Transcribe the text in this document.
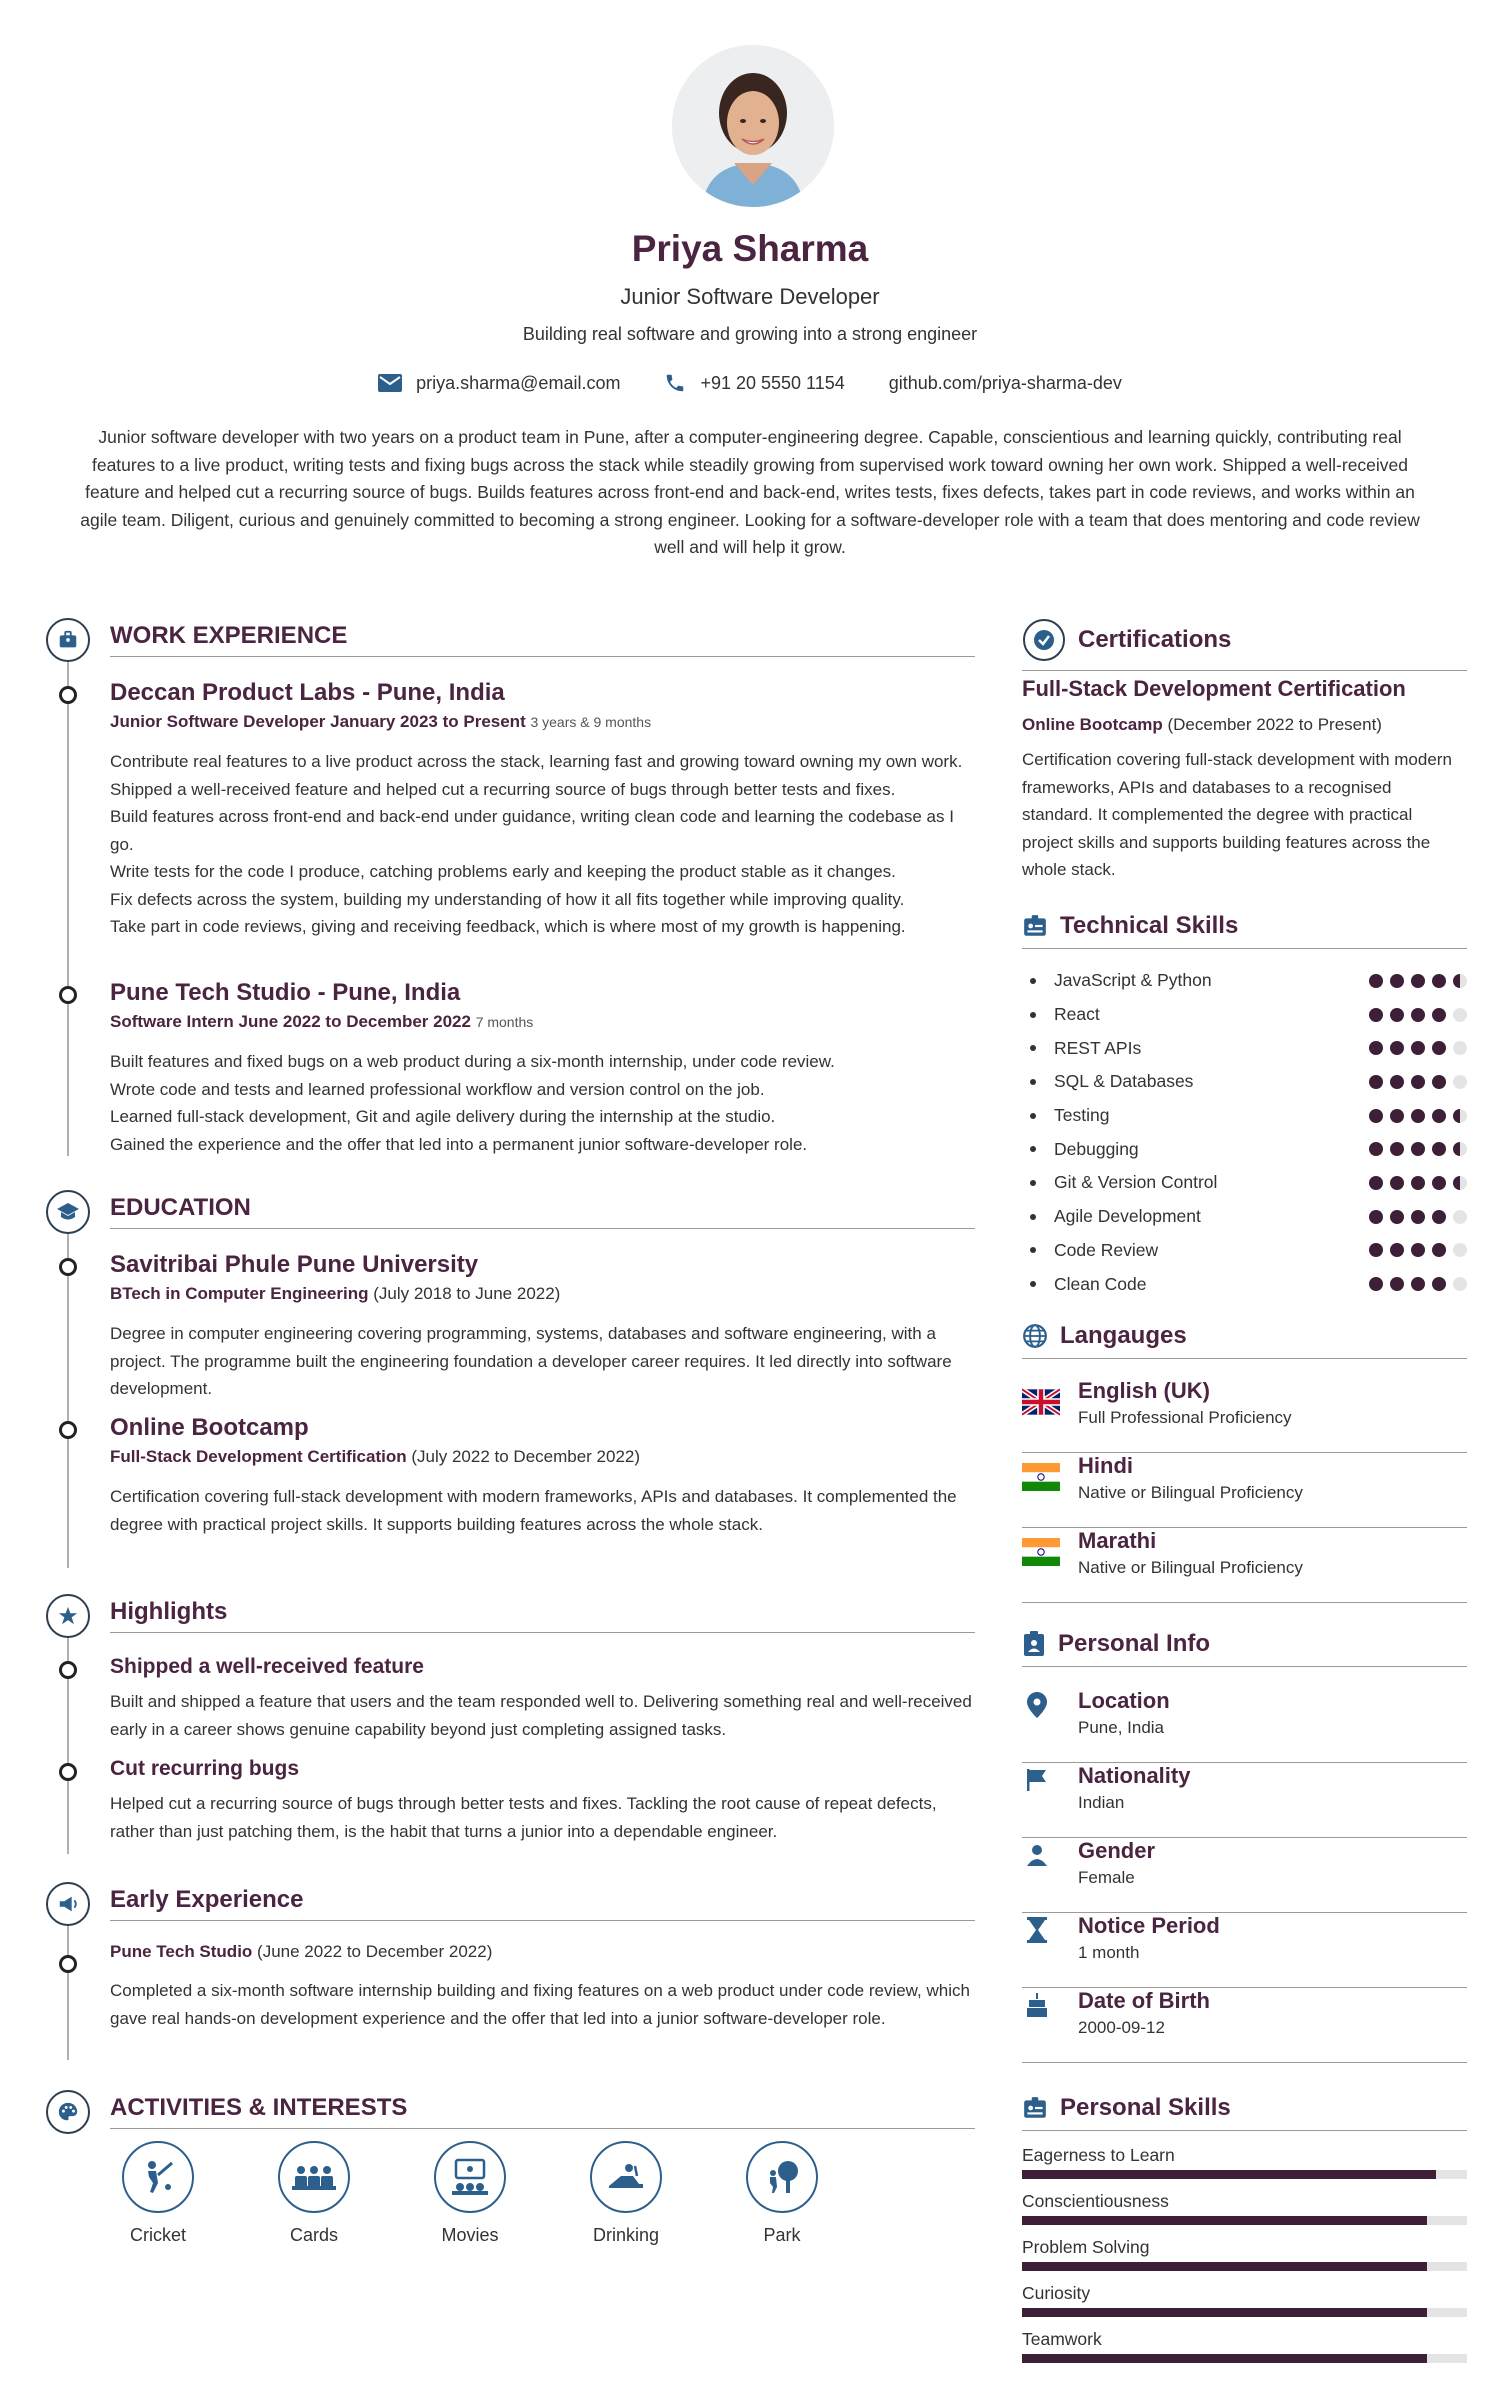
Priya Sharma
Junior Software Developer
Building real software and growing into a strong engineer
priya.sharma@email.com	+91 20 5550 1154 github.com/priya-sharma-dev
Junior software developer with two years on a product team in Pune, after a computer-engineering degree. Capable, conscientious and learning quickly, contributing real features to a live product, writing tests and fixing bugs across the stack while steadily growing from supervised work toward owning her own work. Shipped a well-received feature and helped cut a recurring source of bugs. Builds features across front-end and back-end, writes tests, fixes defects, takes part in code reviews, and works within an agile team. Diligent, curious and genuinely committed to becoming a strong engineer. Looking for a software-developer role with a team that does mentoring and code review well and will help it grow.
WORK EXPERIENCE
Deccan Product Labs - Pune, India
Junior Software Developer January 2023 to Present 3 years & 9 months
Contribute real features to a live product across the stack, learning fast and growing toward owning my own work.
Shipped a well-received feature and helped cut a recurring source of bugs through better tests and fixes.
Build features across front-end and back-end under guidance, writing clean code and learning the codebase as I go.
Write tests for the code I produce, catching problems early and keeping the product stable as it changes.
Fix defects across the system, building my understanding of how it all fits together while improving quality.
Take part in code reviews, giving and receiving feedback, which is where most of my growth is happening.
Pune Tech Studio - Pune, India
Software Intern June 2022 to December 2022 7 months
Built features and fixed bugs on a web product during a six-month internship, under code review.
Wrote code and tests and learned professional workflow and version control on the job.
Learned full-stack development, Git and agile delivery during the internship at the studio.
Gained the experience and the offer that led into a permanent junior software-developer role.
EDUCATION
Savitribai Phule Pune University
BTech in Computer Engineering (July 2018 to June 2022)
Degree in computer engineering covering programming, systems, databases and software engineering, with a project. The programme built the engineering foundation a developer career requires. It led directly into software development.
Online Bootcamp
Full-Stack Development Certification (July 2022 to December 2022)
Certification covering full-stack development with modern frameworks, APIs and databases. It complemented the degree with practical project skills. It supports building features across the whole stack.
Highlights
Shipped a well-received feature
Built and shipped a feature that users and the team responded well to. Delivering something real and well-received early in a career shows genuine capability beyond just completing assigned tasks.
Cut recurring bugs
Helped cut a recurring source of bugs through better tests and fixes. Tackling the root cause of repeat defects, rather than just patching them, is the habit that turns a junior into a dependable engineer.
Early Experience
Pune Tech Studio (June 2022 to December 2022)
Completed a six-month software internship building and fixing features on a web product under code review, which gave real hands-on development experience and the offer that led into a junior software-developer role.
ACTIVITIES & INTERESTS
Cricket	Cards	Movies	Drinking	Park
Certifications
Full-Stack Development Certification
Online Bootcamp (December 2022 to Present)
Certification covering full-stack development with modern frameworks, APIs and databases to a recognised standard. It complemented the degree with practical project skills and supports building features across the whole stack.
Technical Skills
JavaScript & Python
React
REST APIs
SQL & Databases
Testing
Debugging
Git & Version Control
Agile Development
Code Review
Clean Code
Langauges
English (UK)
Full Professional Proficiency
Hindi
Native or Bilingual Proficiency
Marathi
Native or Bilingual Proficiency
Personal Info
Location
Pune, India
Nationality
Indian
Gender
Female
Notice Period
1 month
Date of Birth
2000-09-12
Personal Skills
Eagerness to Learn
Conscientiousness
Problem Solving
Curiosity
Teamwork
